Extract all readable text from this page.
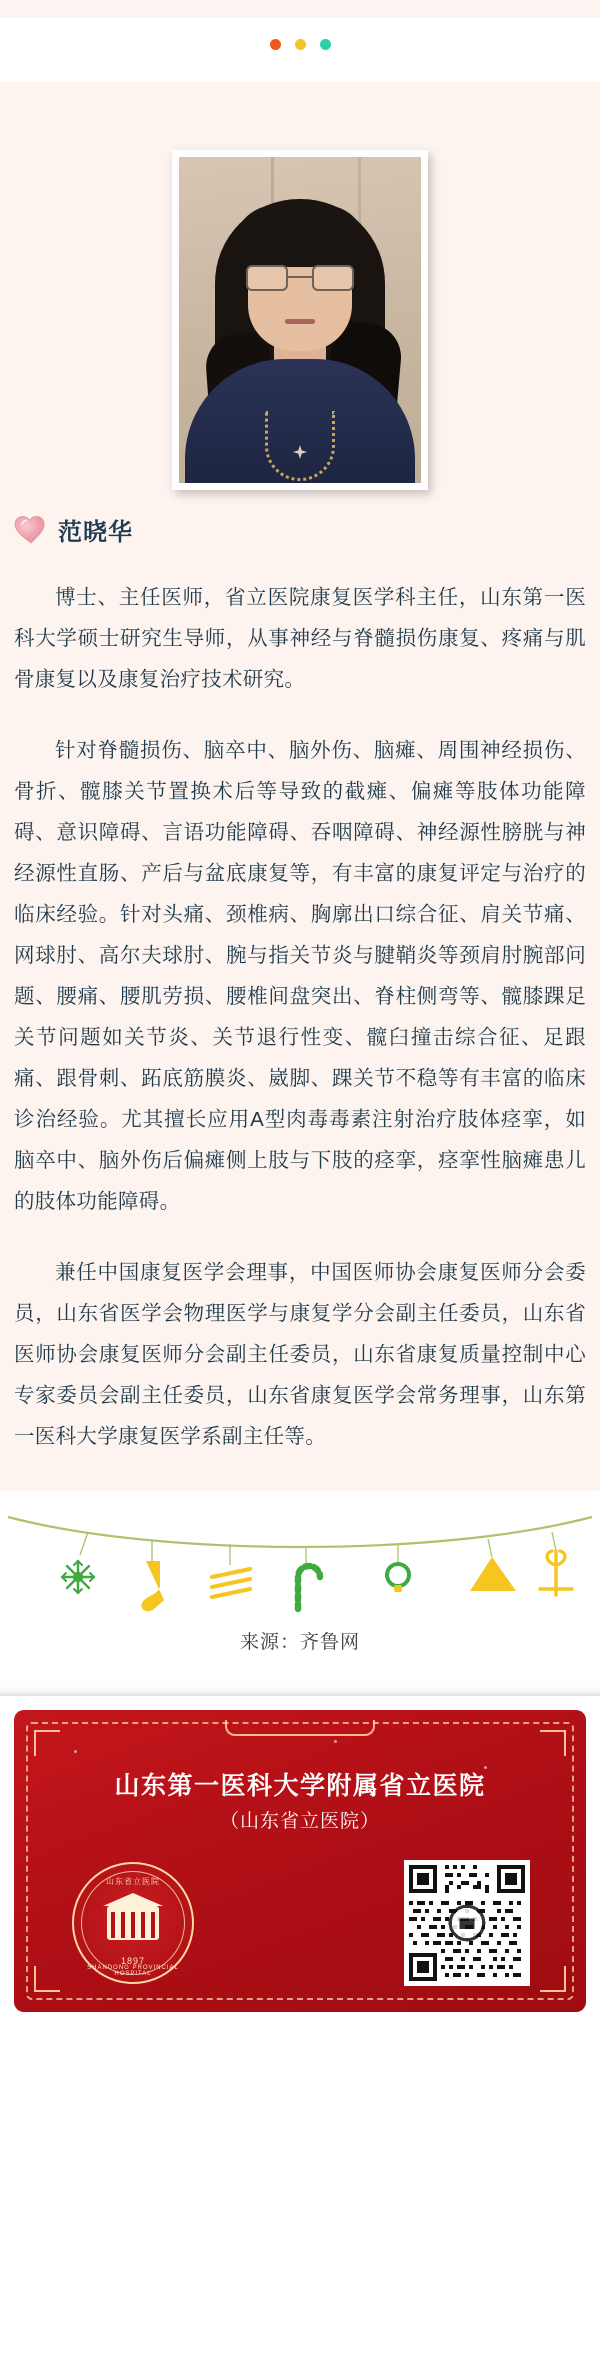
范晓华

博士、主任医师，省立医院康复医学科主任，山东第一医科大学硕士研究生导师，从事神经与脊髓损伤康复、疼痛与肌骨康复以及康复治疗技术研究。

针对脊髓损伤、脑卒中、脑外伤、脑瘫、周围神经损伤、骨折、髋膝关节置换术后等导致的截瘫、偏瘫等肢体功能障碍、意识障碍、言语功能障碍、吞咽障碍、神经源性膀胱与神经源性直肠、产后与盆底康复等，有丰富的康复评定与治疗的临床经验。针对头痛、颈椎病、胸廓出口综合征、肩关节痛、网球肘、高尔夫球肘、腕与指关节炎与腱鞘炎等颈肩肘腕部问题、腰痛、腰肌劳损、腰椎间盘突出、脊柱侧弯等、髋膝踝足关节问题如关节炎、关节退行性变、髋臼撞击综合征、足跟痛、跟骨刺、跖底筋膜炎、崴脚、踝关节不稳等有丰富的临床诊治经验。尤其擅长应用A型肉毒毒素注射治疗肢体痉挛，如脑卒中、脑外伤后偏瘫侧上肢与下肢的痉挛，痉挛性脑瘫患儿的肢体功能障碍。

兼任中国康复医学会理事，中国医师协会康复医师分会委员，山东省医学会物理医学与康复学分会副主任委员，山东省医师协会康复医师分会副主任委员，山东省康复质量控制中心专家委员会副主任委员，山东省康复医学会常务理事，山东第一医科大学康复医学系副主任等。

来源：齐鲁网
山东第一医科大学附属省立医院
（山东省立医院）
山东省立医院
1897
SHANDONG PROVINCIAL HOSPITAL
